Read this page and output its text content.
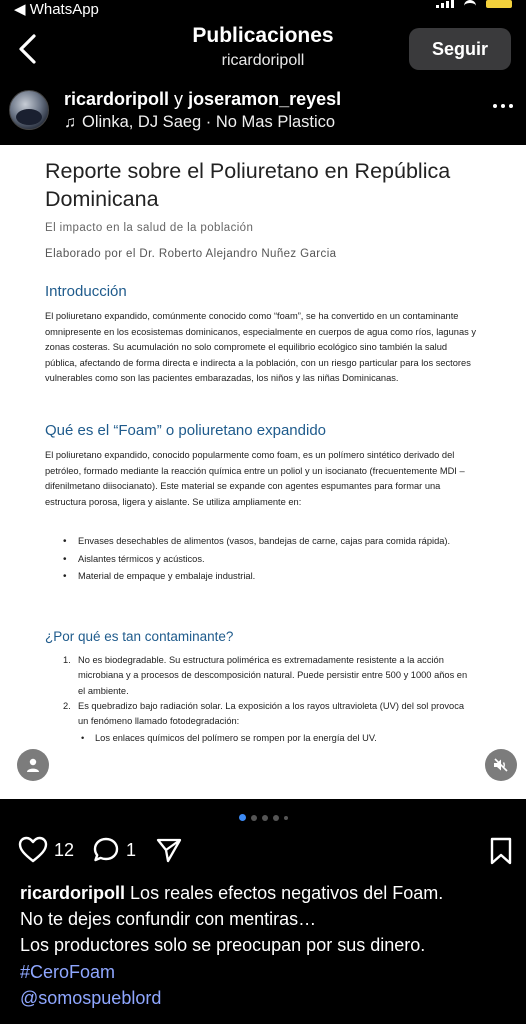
◀ WhatsApp
Publicaciones
ricardoripoll
Seguir
ricardoripoll y joseramon_reyesl
♫ Olinka, DJ Saeg · No Mas Plastico
Reporte sobre el Poliuretano en República Dominicana
El impacto en la salud de la población
Elaborado por el Dr. Roberto Alejandro Nuñez Garcia
Introducción
El poliuretano expandido, comúnmente conocido como “foam”, se ha convertido en un contaminante omnipresente en los ecosistemas dominicanos, especialmente en cuerpos de agua como ríos, lagunas y zonas costeras. Su acumulación no solo compromete el equilibrio ecológico sino también la salud pública, afectando de forma directa e indirecta a la población, con un riesgo particular para los sectores vulnerables como son las pacientes embarazadas, los niños y las niñas Dominicanas.
Qué es el “Foam” o poliuretano expandido
El poliuretano expandido, conocido popularmente como foam, es un polímero sintético derivado del petróleo, formado mediante la reacción química entre un poliol y un isocianato (frecuentemente MDI – difenilmetano diisocianato). Este material se expande con agentes espumantes para formar una estructura porosa, ligera y aislante. Se utiliza ampliamente en:
• Envases desechables de alimentos (vasos, bandejas de carne, cajas para comida rápida).
• Aislantes térmicos y acústicos.
• Material de empaque y embalaje industrial.
¿Por qué es tan contaminante?
1. No es biodegradable. Su estructura polimérica es extremadamente resistente a la acción microbiana y a procesos de descomposición natural. Puede persistir entre 500 y 1000 años en el ambiente.
2. Es quebradizo bajo radiación solar. La exposición a los rayos ultravioleta (UV) del sol provoca un fenómeno llamado fotodegradación:
• Los enlaces químicos del polímero se rompen por la energía del UV.
12	1
ricardoripoll Los reales efectos negativos del Foam.
No te dejes confundir con mentiras…
Los productores solo se preocupan por sus dinero.
#CeroFoam
@somospueblord
